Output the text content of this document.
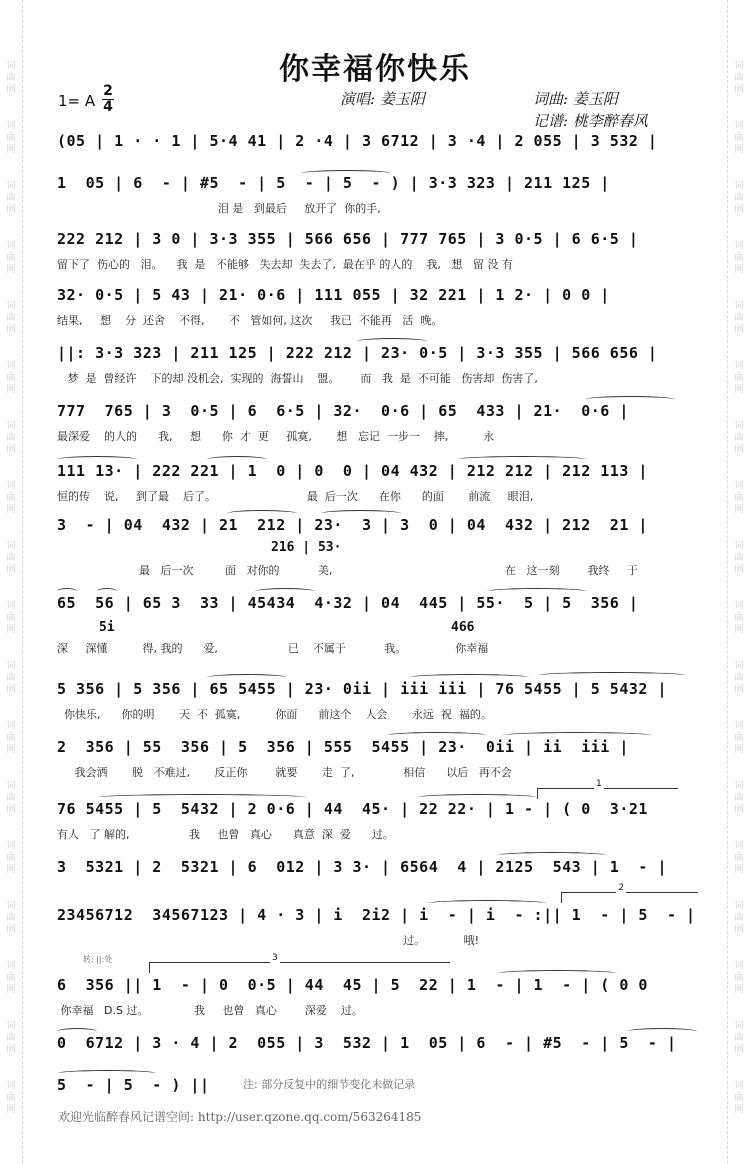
词曲网
词曲网
词曲网
词曲网
词曲网
词曲网
词曲网
词曲网
词曲网
词曲网
词曲网
词曲网
词曲网
词曲网
词曲网
词曲网
词曲网
词曲网
词曲网
词曲网
词曲网
词曲网
词曲网
词曲网
词曲网
词曲网
词曲网
词曲网
词曲网
词曲网
词曲网
词曲网
词曲网
词曲网
词曲网
词曲网
你幸福你快乐
1= A
2
4	演唱: 姜玉阳	词曲: 姜玉阳
记谱: 桃李醉春风
(05 | 1 · · 1 | 5·4 41 | 2 ·4 | 3 6712 | 3 ·4 | 2 055 | 3 532 |
1  05 | 6  - | #5  - | 5  - | 5  - ) | 3·3 323 | 211 125 |
泪 是   到最后     放开了  你的手,
222 212 | 3 0 | 3·3 355 | 566 656 | 777 765 | 3 0·5 | 6 6·5 |
留下了  伤心的   泪。    我  是   不能够   失去却  失去了,  最在乎 的人的    我,   想   留 没 有
32· 0·5 | 5 43 | 21· 0·6 | 111 055 | 32 221 | 1 2· | 0 0 |
结果,     想    分  还舍    不得,       不   管如何, 这次     我已  不能再   活  晚。
||: 3·3 323 | 211 125 | 222 212 | 23· 0·5 | 3·3 355 | 566 656 |
梦  是  曾经许    下的却 没机会,  实现的  海誓山    盟。      而   我  是  不可能   伤害却  伤害了,
777  765 | 3  0·5 | 6  6·5 | 32·  0·6 | 65  433 | 21·  0·6 |
最深爱    的人的      我,     想      你  才  更     孤寞,       想   忘记  一步一    摔,          永
111 13· | 222 221 | 1  0 | 0  0 | 04 432 | 212 212 | 212 113 |
恒的传    说,     到了最    后了。                          最  后一次      在你      的面       前流     眼泪,
3  - | 04  432 | 21  212 | 23·  3 | 3  0 | 04  432 | 212  21 |
216 | 53·
最   后一次         面   对你的           美,	在   这一刻        我终     于
65  56 | 65 3  33 | 45434  4·32 | 04  445 | 55·  5 | 5  356 |
5i	466
深     深懂          得, 我的      爱,                    已    不属于           我。              你幸福
5 356 | 5 356 | 65 5455 | 23· 0ii | iii iii | 76 5455 | 5 5432 |
你快乐,      你的明       天  不  孤寞,          你面      前这个    人会       永远  祝  福的。
2  356 | 55  356 | 5  356 | 555  5455 | 23·  0ii | ii  iii |
我会洒       脱   不难过,       反正你        就要       走  了,              相信      以后   再不会
1
76 5455 | 5  5432 | 2 0·6 | 44  45· | 22 22· | 1 - | ( 0  3·21
有人   了 解的,                 我     也曾   真心      真意  深  爱      过。
3  5321 | 2  5321 | 6  012 | 3 3· | 6564  4 | 2125  543 | 1  - |
2
23456712  34567123 | 4 · 3 | i  2i2 | i  - | i  - :|| 1  - | 5  - |
过。           哦!
转: ||:处	3
6  356 || 1  - | 0  0·5 | 44  45 | 5  22 | 1  - | 1  - | ( 0 0
你幸福   D.S 过。             我     也曾   真心        深爱    过。
0  6712 | 3 · 4 | 2  055 | 3  532 | 1  05 | 6  - | #5  - | 5  - |
5  - | 5  - ) ||	注: 部分反复中的细节变化未做记录
欢迎光临醉春风记谱空间: http://user.qzone.qq.com/563264185
